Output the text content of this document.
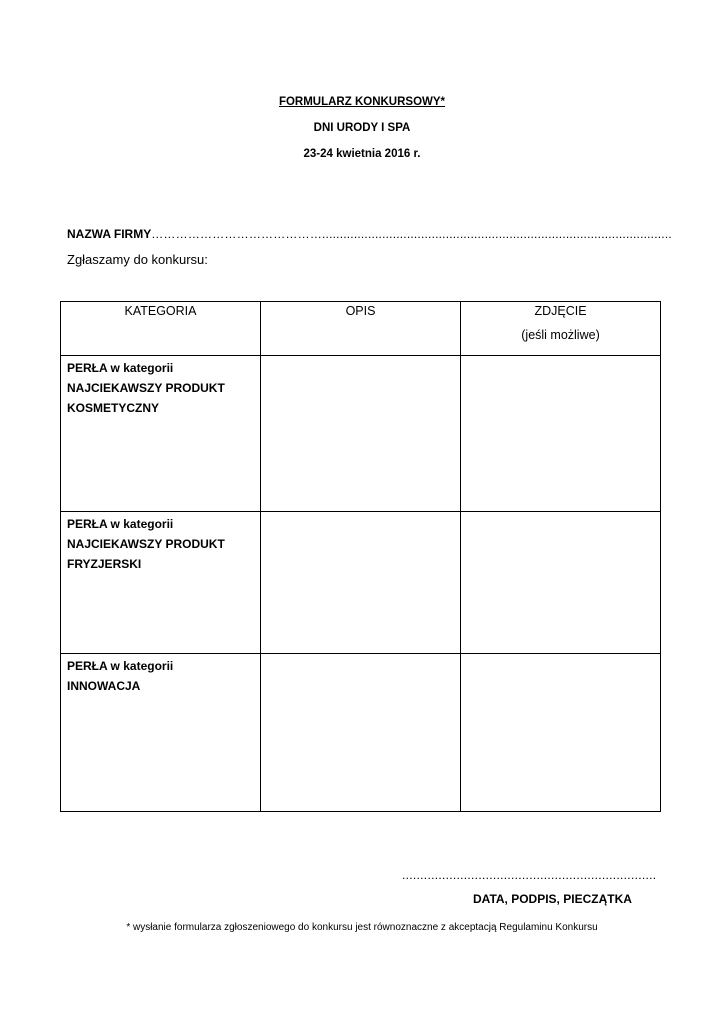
FORMULARZ KONKURSOWY*
DNI URODY I SPA
23-24 kwietnia 2016 r.
NAZWA FIRMY……………………………………...................................................................................................
Zgłaszamy do konkursu:
KATEGORIA	OPIS	ZDJĘCIE
(jeśli możliwe)

PERŁA w kategorii
NAJCIEKAWSZY PRODUKT
KOSMETYCZNY		

PERŁA w kategorii
NAJCIEKAWSZY PRODUKT
FRYZJERSKI		

PERŁA w kategorii
INNOWACJA		

......................................................................
DATA, PODPIS, PIECZĄTKA
* wysłanie formularza zgłoszeniowego do konkursu jest równoznaczne z akceptacją Regulaminu Konkursu
